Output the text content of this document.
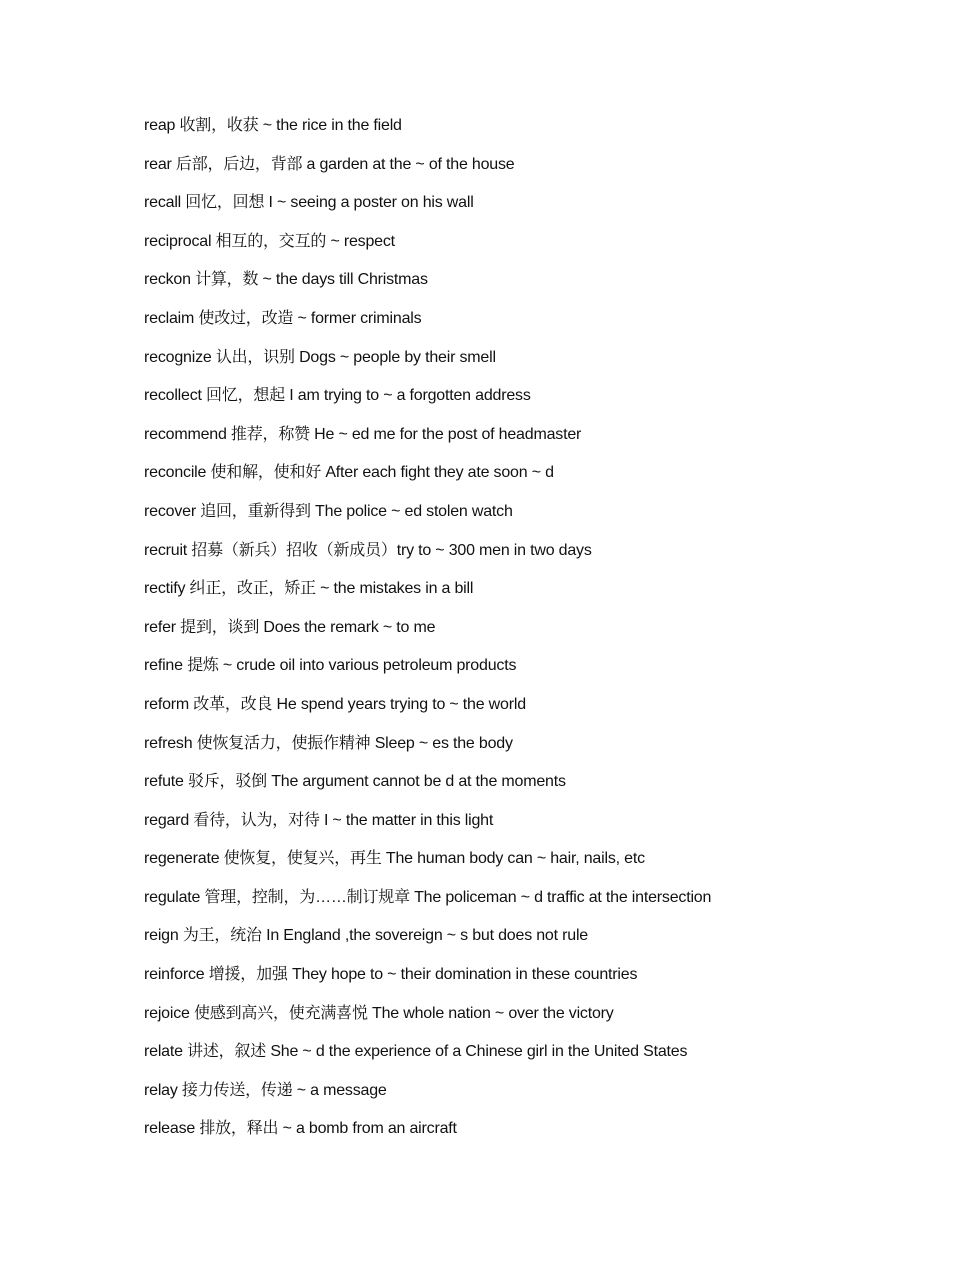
reap 收割，收获 ~ the rice in the field
rear 后部，后边，背部 a garden at the ~ of the house
recall 回忆，回想 I ~ seeing a poster on his wall
reciprocal 相互的，交互的 ~ respect
reckon 计算，数 ~ the days till Christmas
reclaim 使改过，改造 ~ former criminals
recognize 认出，识别 Dogs ~ people by their smell
recollect 回忆，想起 I am trying to ~ a forgotten address
recommend 推荐，称赞 He ~ ed me for the post of headmaster
reconcile 使和解，使和好 After each fight they ate soon ~ d
recover 追回，重新得到 The police ~ ed stolen watch
recruit 招募（新兵）招收（新成员）try to ~ 300 men in two days
rectify 纠正，改正，矫正 ~ the mistakes in a bill
refer 提到，谈到 Does the remark ~ to me
refine 提炼 ~ crude oil into various petroleum products
reform 改革，改良 He spend years trying to ~ the world
refresh 使恢复活力，使振作精神 Sleep ~ es the body
refute 驳斥，驳倒 The argument cannot be d at the moments
regard 看待，认为，对待 I ~ the matter in this light
regenerate 使恢复，使复兴，再生 The human body can ~ hair, nails, etc
regulate 管理，控制，为……制订规章 The policeman ~ d traffic at the intersection
reign 为王，统治 In England ,the sovereign ~ s but does not rule
reinforce 增援，加强 They hope to ~ their domination in these countries
rejoice 使感到高兴，使充满喜悦 The whole nation ~ over the victory
relate 讲述，叙述 She ~ d the experience of a Chinese girl in the United States
relay 接力传送，传递 ~ a message
release 排放，释出 ~ a bomb from an aircraft
